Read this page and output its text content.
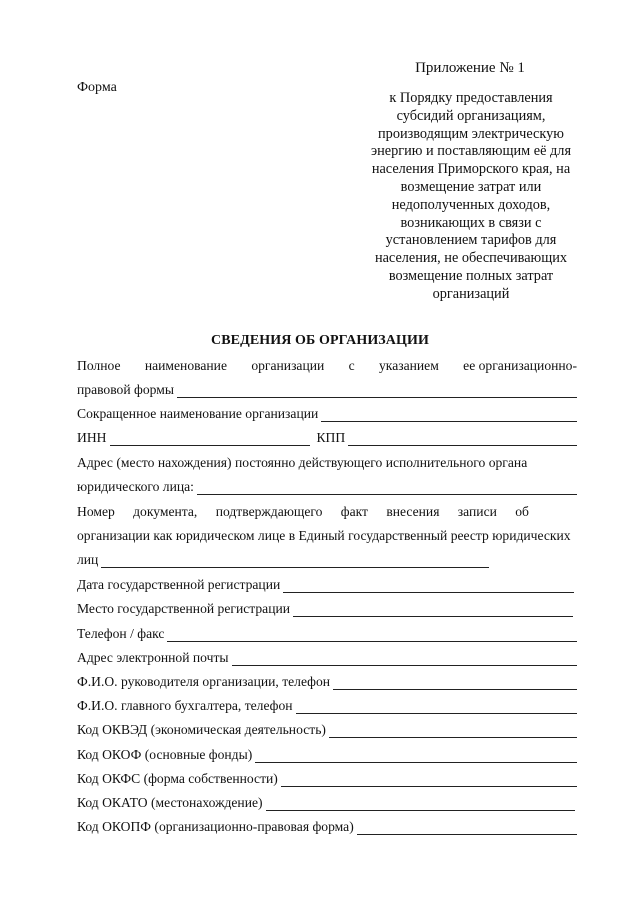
Приложение № 1
Форма
к Порядку предоставления
субсидий организациям,
производящим электрическую
энергию и поставляющим её для
населения Приморского края, на
возмещение затрат или
недополученных доходов,
возникающих в связи с
установлением тарифов для
населения, не обеспечивающих
возмещение полных затрат
организаций
СВЕДЕНИЯ ОБ ОРГАНИЗАЦИИ
Полное наименование организации с указанием ее организационно-
правовой формы
Сокращенное наименование организации
ИНН	КПП
Адрес (место нахождения) постоянно действующего исполнительного органа
юридического лица:
Номер документа, подтверждающего факт внесения записи об
организации как юридическом лице в Единый государственный реестр юридических
лиц
Дата государственной регистрации
Место государственной регистрации
Телефон / факс
Адрес электронной почты
Ф.И.О. руководителя организации, телефон
Ф.И.О. главного бухгалтера, телефон
Код ОКВЭД (экономическая деятельность)
Код ОКОФ (основные фонды)
Код ОКФС (форма собственности)
Код ОКАТО (местонахождение)
Код ОКОПФ (организационно-правовая форма)
